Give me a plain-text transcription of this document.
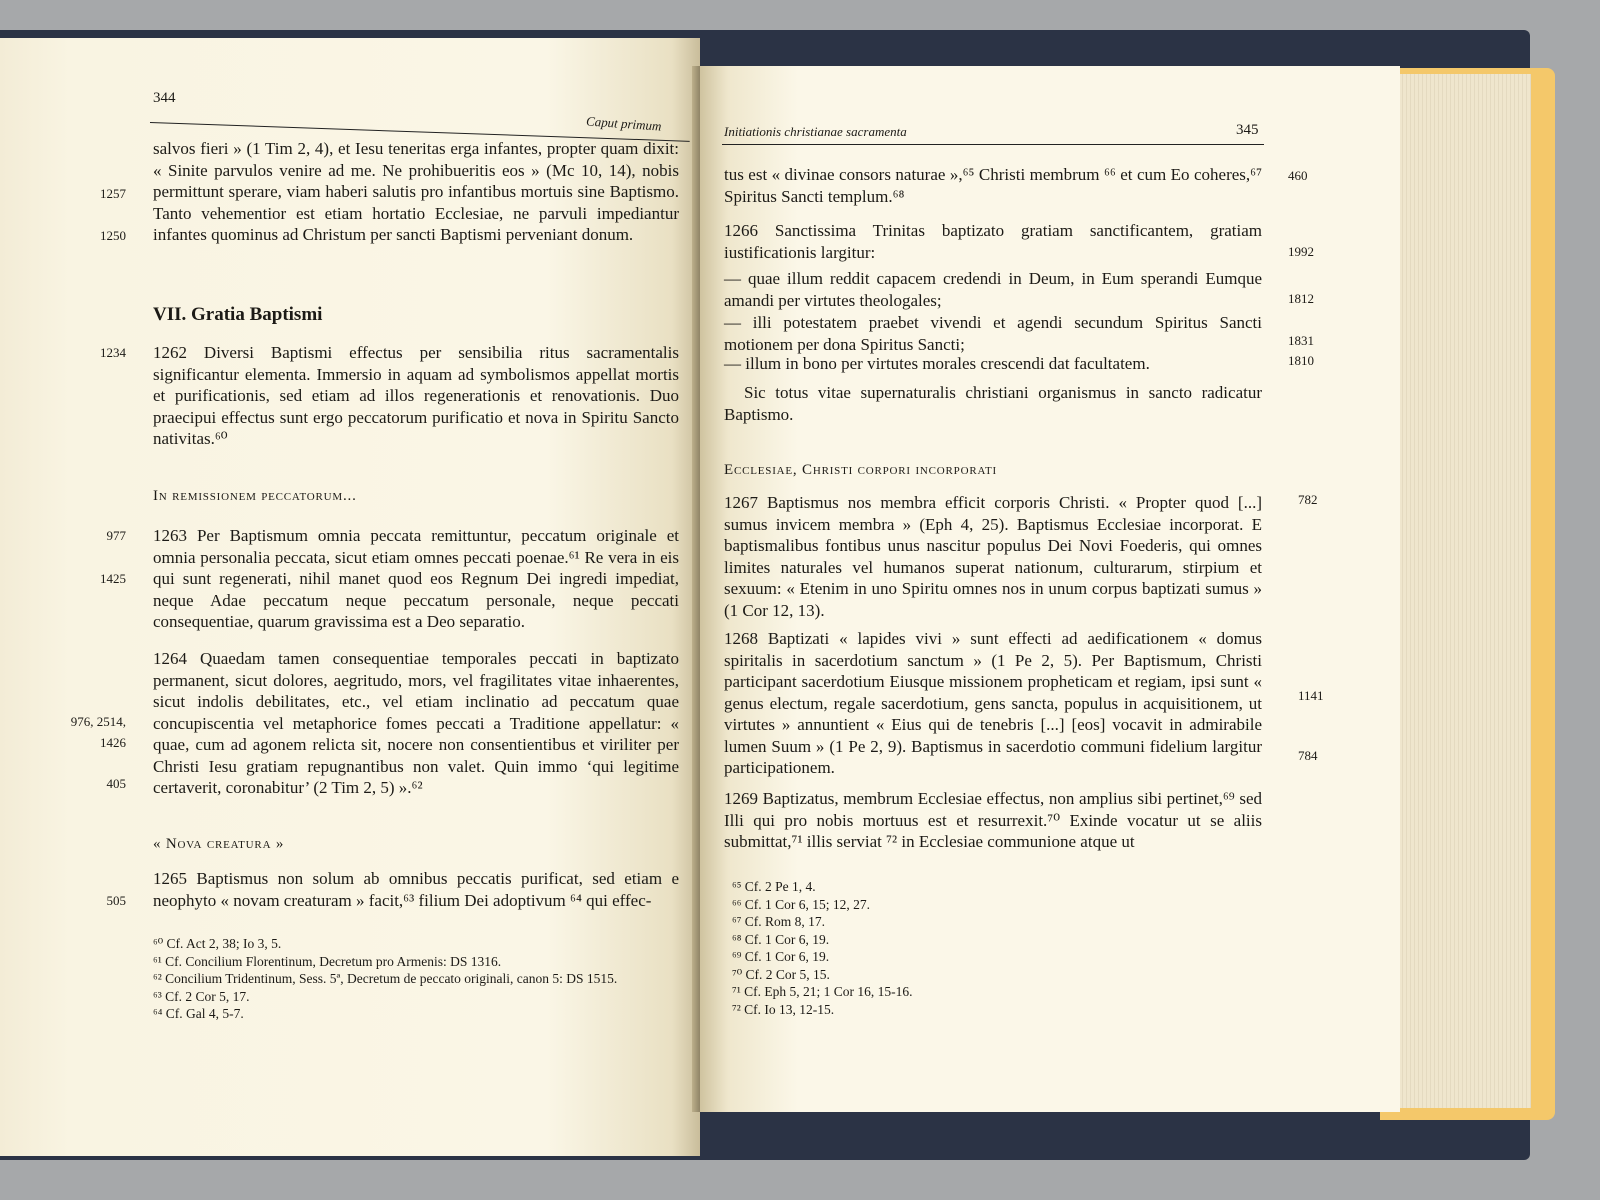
344
Caput primum
1257
1250
1234
977
1425
976, 2514,
1426
405
505

salvos fieri » (1 Tim 2, 4), et Iesu teneritas erga infantes, propter quam dixit: « Sinite parvulos venire ad me. Ne prohibueritis eos » (Mc 10, 14), nobis permittunt sperare, viam haberi salutis pro infantibus mortuis sine Baptismo. Tanto vehementior est etiam hortatio Ecclesiae, ne parvuli impediantur infantes quominus ad Christum per sancti Baptismi perveniant donum.

VII. Gratia Baptismi

1262 Diversi Baptismi effectus per sensibilia ritus sacramentalis significantur elementa. Immersio in aquam ad symbolismos appellat mortis et purificationis, sed etiam ad illos regenerationis et renovationis. Duo praecipui effectus sunt ergo peccatorum purificatio et nova in Spiritu Sancto nativitas.⁶⁰

In remissionem peccatorum...

1263 Per Baptismum omnia peccata remittuntur, peccatum originale et omnia personalia peccata, sicut etiam omnes peccati poenae.⁶¹ Re vera in eis qui sunt regenerati, nihil manet quod eos Regnum Dei ingredi impediat, neque Adae peccatum neque peccatum personale, neque peccati consequentiae, quarum gravissima est a Deo separatio.

1264 Quaedam tamen consequentiae temporales peccati in baptizato permanent, sicut dolores, aegritudo, mors, vel fragilitates vitae inhaerentes, sicut indolis debilitates, etc., vel etiam inclinatio ad peccatum quae concupiscentia vel metaphorice fomes peccati a Traditione appellatur: « quae, cum ad agonem relicta sit, nocere non consentientibus et viriliter per Christi Iesu gratiam repugnantibus non valet. Quin immo ‘qui legitime certaverit, coronabitur’ (2 Tim 2, 5) ».⁶²

« Nova creatura »

1265 Baptismus non solum ab omnibus peccatis purificat, sed etiam e neophyto « novam creaturam » facit,⁶³ filium Dei adoptivum ⁶⁴ qui effec-

⁶⁰ Cf. Act 2, 38; Io 3, 5.
⁶¹ Cf. Concilium Florentinum, Decretum pro Armenis: DS 1316.
⁶² Concilium Tridentinum, Sess. 5ª, Decretum de peccato originali, canon 5: DS 1515.
⁶³ Cf. 2 Cor 5, 17.
⁶⁴ Cf. Gal 4, 5-7.
Initiationis christianae sacramenta	345
460
1992
1812
1831
1810
782
1141
784

tus est « divinae consors naturae »,⁶⁵ Christi membrum ⁶⁶ et cum Eo coheres,⁶⁷ Spiritus Sancti templum.⁶⁸

1266 Sanctissima Trinitas baptizato gratiam sanctificantem, gratiam iustificationis largitur:

— quae illum reddit capacem credendi in Deum, in Eum sperandi Eumque amandi per virtutes theologales;
— illi potestatem praebet vivendi et agendi secundum Spiritus Sancti motionem per dona Spiritus Sancti;
— illum in bono per virtutes morales crescendi dat facultatem.

Sic totus vitae supernaturalis christiani organismus in sancto radicatur Baptismo.

Ecclesiae, Christi corpori incorporati

1267 Baptismus nos membra efficit corporis Christi. « Propter quod [...] sumus invicem membra » (Eph 4, 25). Baptismus Ecclesiae incorporat. E baptismalibus fontibus unus nascitur populus Dei Novi Foederis, qui omnes limites naturales vel humanos superat nationum, culturarum, stirpium et sexuum: « Etenim in uno Spiritu omnes nos in unum corpus baptizati sumus » (1 Cor 12, 13).

1268 Baptizati « lapides vivi » sunt effecti ad aedificationem « domus spiritalis in sacerdotium sanctum » (1 Pe 2, 5). Per Baptismum, Christi participant sacerdotium Eiusque missionem propheticam et regiam, ipsi sunt « genus electum, regale sacerdotium, gens sancta, populus in acquisitionem, ut virtutes » annuntient « Eius qui de tenebris [...] [eos] vocavit in admirabile lumen Suum » (1 Pe 2, 9). Baptismus in sacerdotio communi fidelium largitur participationem.

1269 Baptizatus, membrum Ecclesiae effectus, non amplius sibi pertinet,⁶⁹ sed Illi qui pro nobis mortuus est et resurrexit.⁷⁰ Exinde vocatur ut se aliis submittat,⁷¹ illis serviat ⁷² in Ecclesiae communione atque ut

⁶⁵ Cf. 2 Pe 1, 4.
⁶⁶ Cf. 1 Cor 6, 15; 12, 27.
⁶⁷ Cf. Rom 8, 17.
⁶⁸ Cf. 1 Cor 6, 19.
⁶⁹ Cf. 1 Cor 6, 19.
⁷⁰ Cf. 2 Cor 5, 15.
⁷¹ Cf. Eph 5, 21; 1 Cor 16, 15-16.
⁷² Cf. Io 13, 12-15.
